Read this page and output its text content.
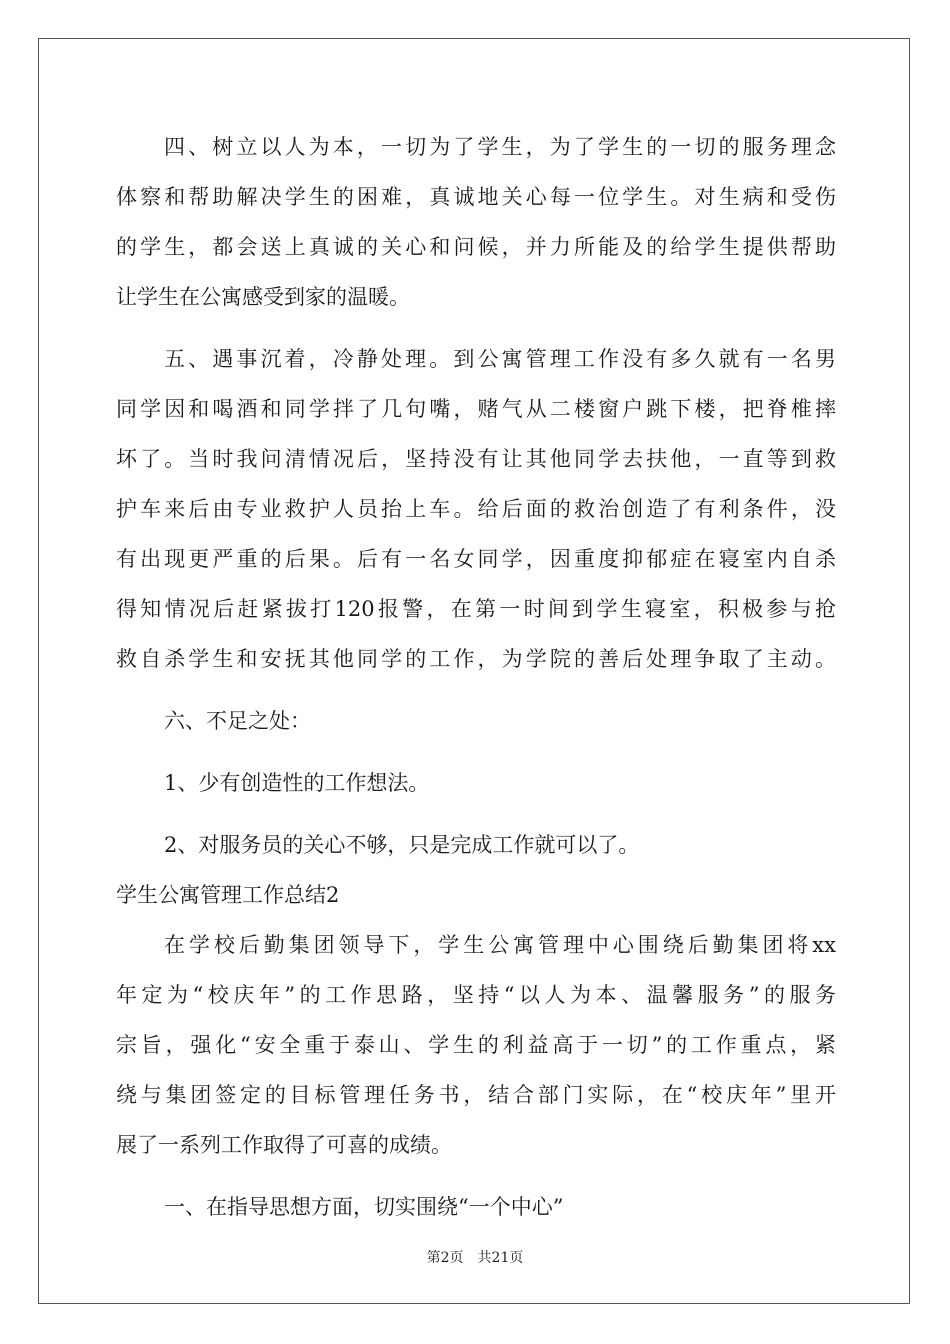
四、树立以人为本，一切为了学生，为了学生的一切的服务理念
体察和帮助解决学生的困难，真诚地关心每一位学生。对生病和受伤
的学生，都会送上真诚的关心和问候，并力所能及的给学生提供帮助
让学生在公寓感受到家的温暖。
五、遇事沉着，冷静处理。到公寓管理工作没有多久就有一名男
同学因和喝酒和同学拌了几句嘴，赌气从二楼窗户跳下楼，把脊椎摔
坏了。当时我问清情况后，坚持没有让其他同学去扶他，一直等到救
护车来后由专业救护人员抬上车。给后面的救治创造了有利条件，没
有出现更严重的后果。后有一名女同学，因重度抑郁症在寝室内自杀
得知情况后赶紧拔打120报警，在第一时间到学生寝室，积极参与抢
救自杀学生和安抚其他同学的工作，为学院的善后处理争取了主动。
六、不足之处：
1、少有创造性的工作想法。
2、对服务员的关心不够，只是完成工作就可以了。
学生公寓管理工作总结2
在学校后勤集团领导下，学生公寓管理中心围绕后勤集团将xx
年定为“校庆年”的工作思路，坚持“以人为本、温馨服务”的服务
宗旨，强化“安全重于泰山、学生的利益高于一切”的工作重点，紧
绕与集团签定的目标管理任务书，结合部门实际，在“校庆年”里开
展了一系列工作取得了可喜的成绩。
一、在指导思想方面，切实围绕“一个中心”
第2页　共21页
